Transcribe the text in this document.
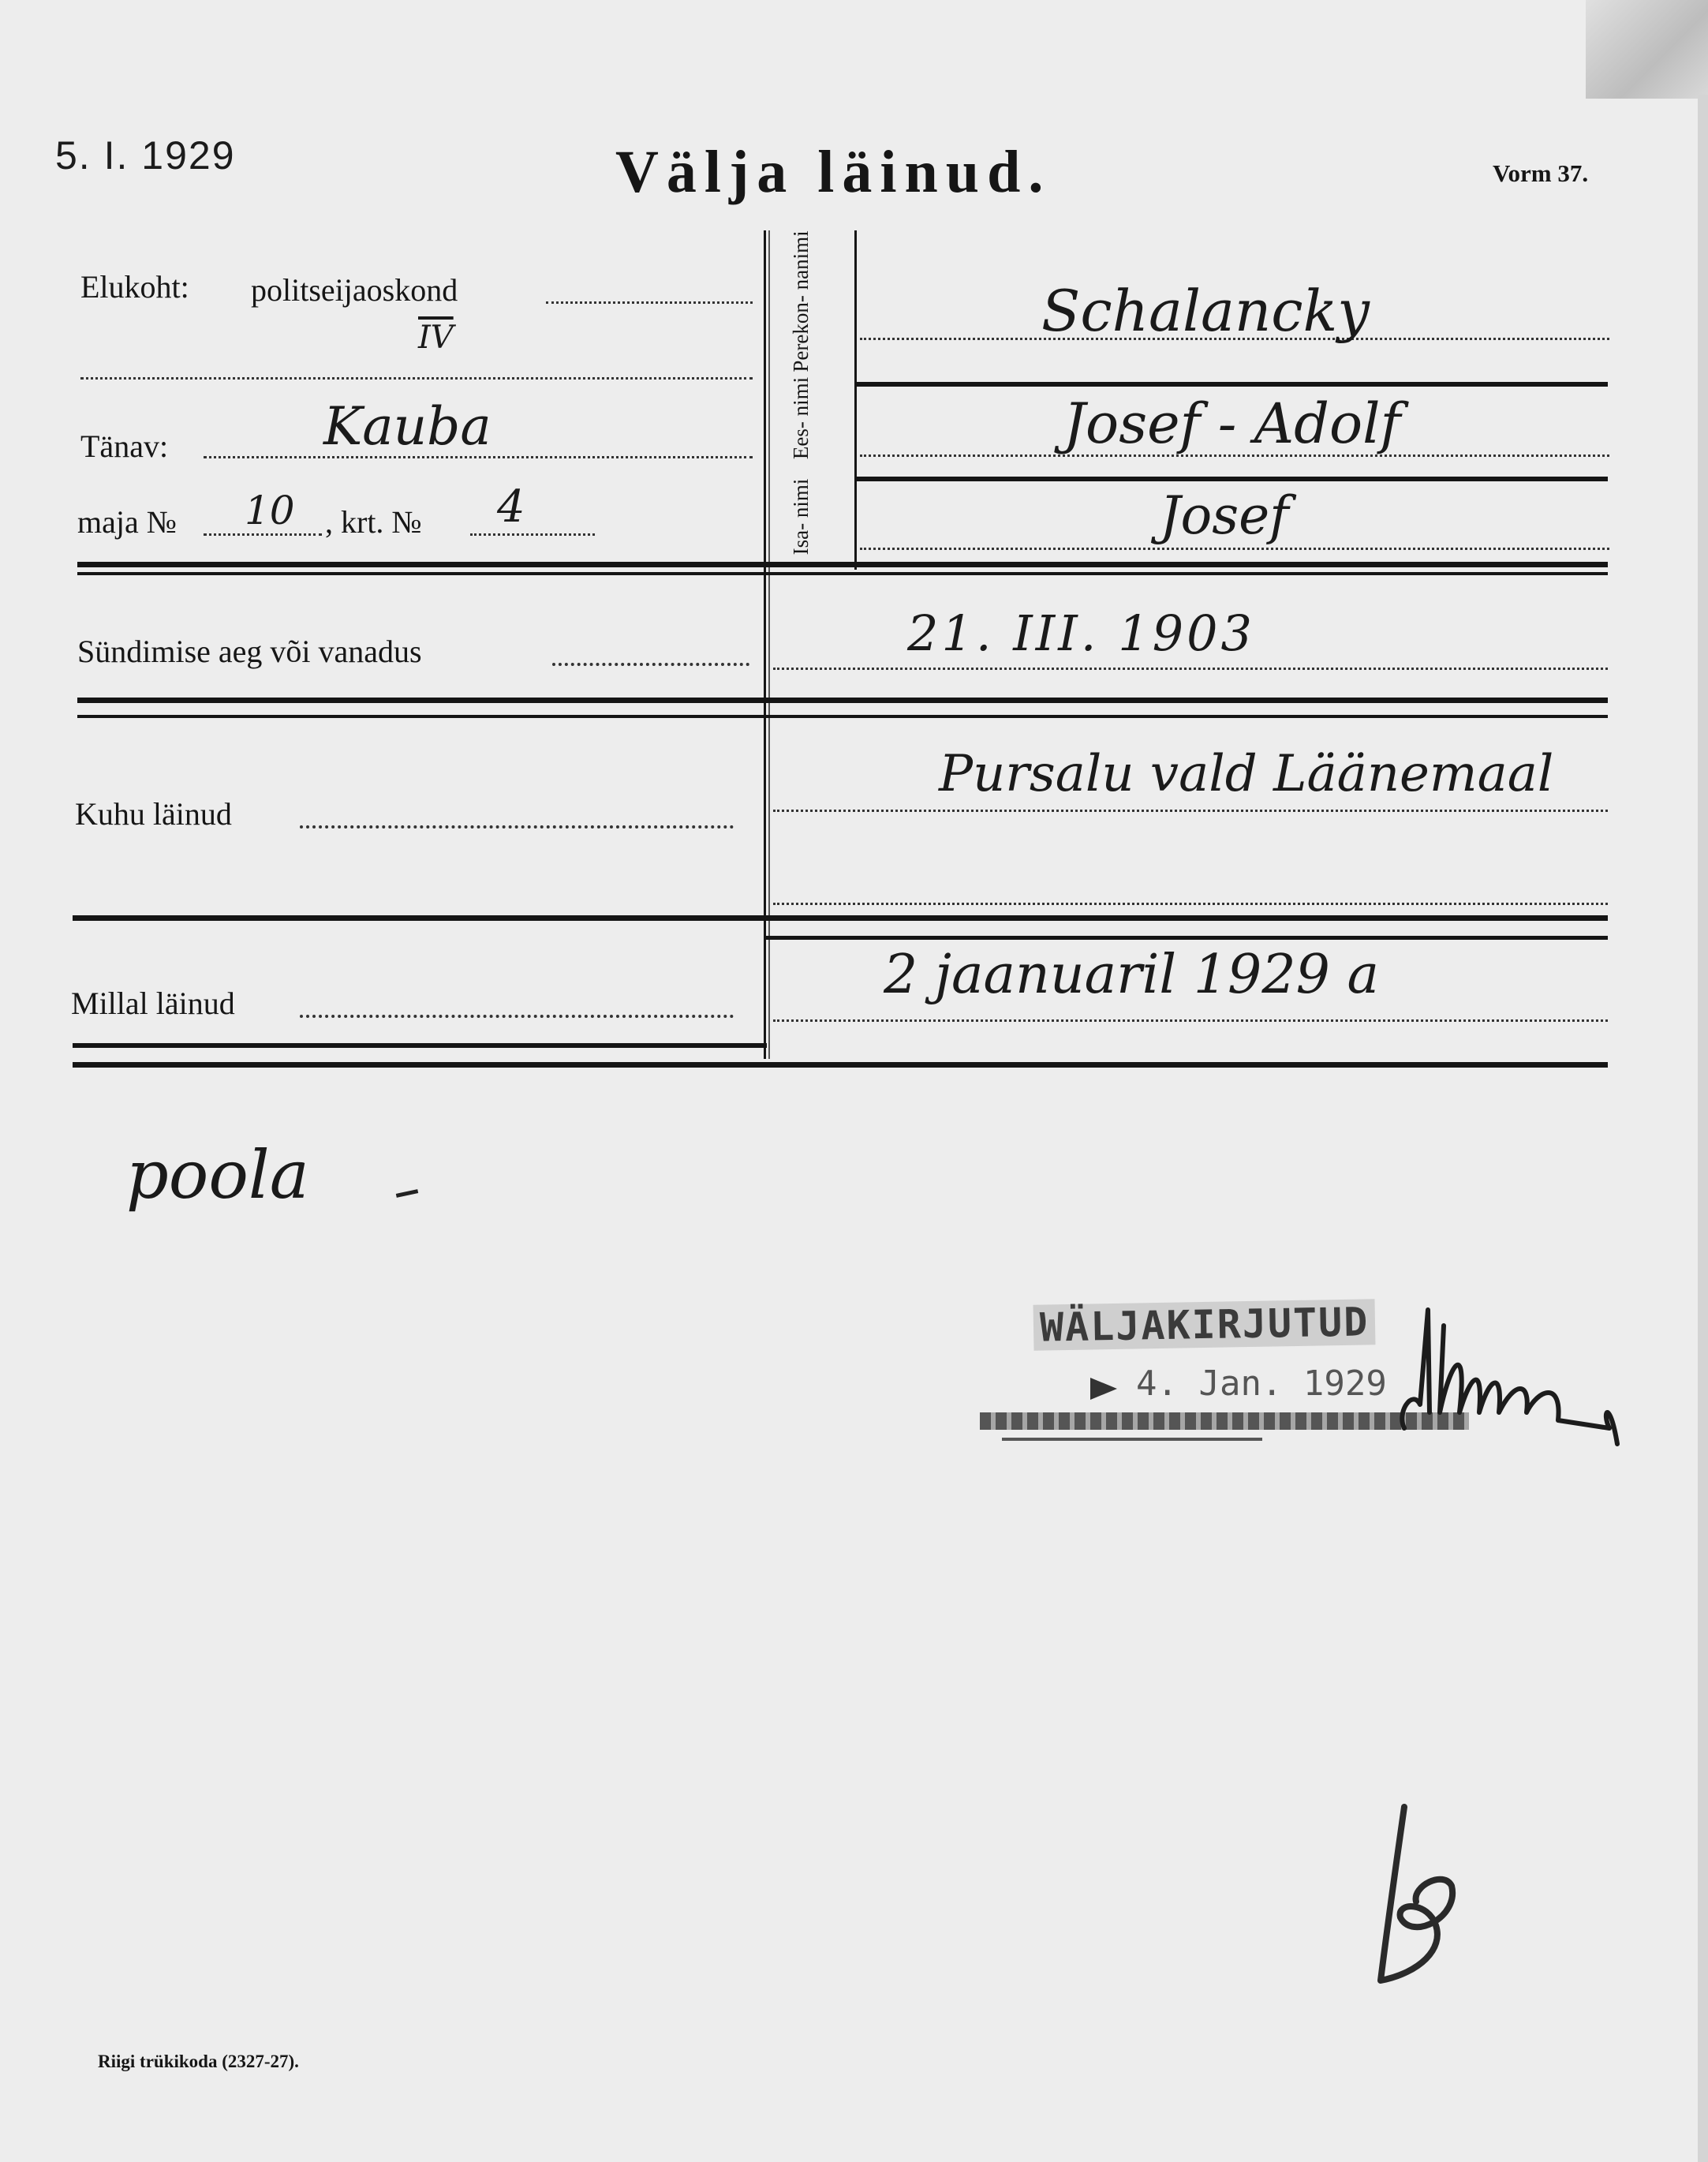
5. I. 1929	Välja läinud.	Vorm 37.
Elukoht: politseijaoskond
$\overline{IV}$
Tänav:	Kauba
maja № 10 , krt. № 4
Perekon- nanimi	Schalancky
Ees- nimi	Josef - Adolf
Isa- nimi	Josef
Sündimise aeg või vanadus	21. III. 1903
Kuhu läinud
Pursalu vald Läänemaal
Millal läinud	2 jaanuaril 1929 a
poola
WÄLJAKIRJUTUD
4. Jan. 1929
Riigi trükikoda (2327-27).
